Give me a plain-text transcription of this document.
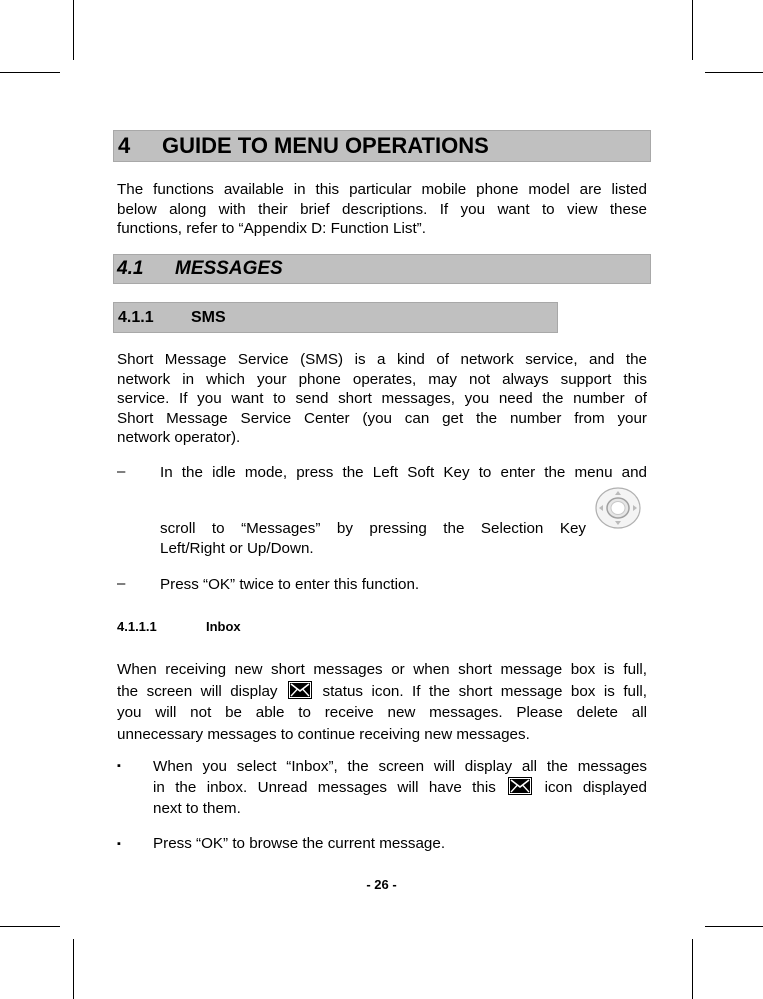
4 GUIDE TO MENU OPERATIONS
The functions available in this particular mobile phone model are listed
below along with their brief descriptions. If you want to view these
functions, refer to “Appendix D: Function List”.
4.1 MESSAGES
4.1.1 SMS
Short Message Service (SMS) is a kind of network service, and the
network in which your phone operates, may not always support this
service. If you want to send short messages, you need the number of
Short Message Service Center (you can get the number from your
network operator).
– In the idle mode, press the Left Soft Key to enter the menu and
scroll to “Messages” by pressing the Selection Key
Left/Right or Up/Down.
– Press “OK” twice to enter this function.
4.1.1.1	Inbox
When receiving new short messages or when short message box is full,
the screen will display	status icon. If the short message box is full,
you will not be able to receive new messages. Please delete all
unnecessary messages to continue receiving new messages.
▪ When you select “Inbox”, the screen will display all the messages
in the inbox. Unread messages will have this	icon displayed
next to them.
▪ Press “OK” to browse the current message.
- 26 -
